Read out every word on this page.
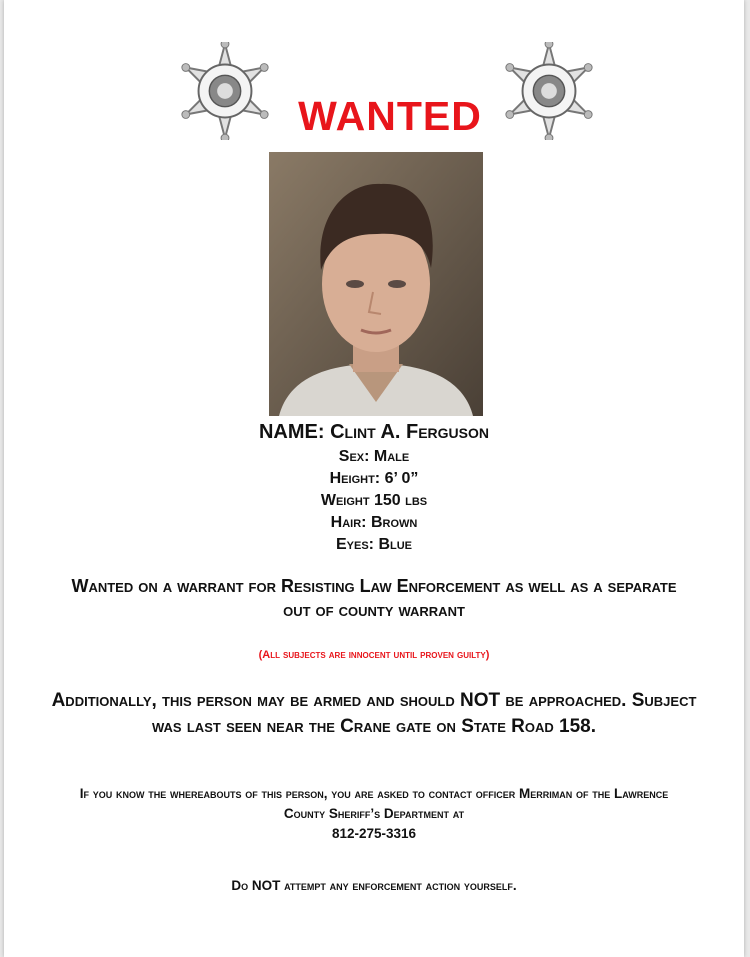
WANTED
NAME: Clint A. Ferguson
Sex: Male
Height: 6’ 0”
Weight 150 lbs
Hair: Brown
Eyes: Blue
Wanted on a warrant for Resisting Law Enforcement as well as a separate out of county warrant
(All subjects are innocent until proven guilty)
Additionally, this person may be armed and should NOT be approached. Subject was last seen near the Crane gate on State Road 158.
If you know the whereabouts of this person, you are asked to contact officer Merriman of the Lawrence County Sheriff’s Department at
812-275-3316
Do NOT attempt any enforcement action yourself.
